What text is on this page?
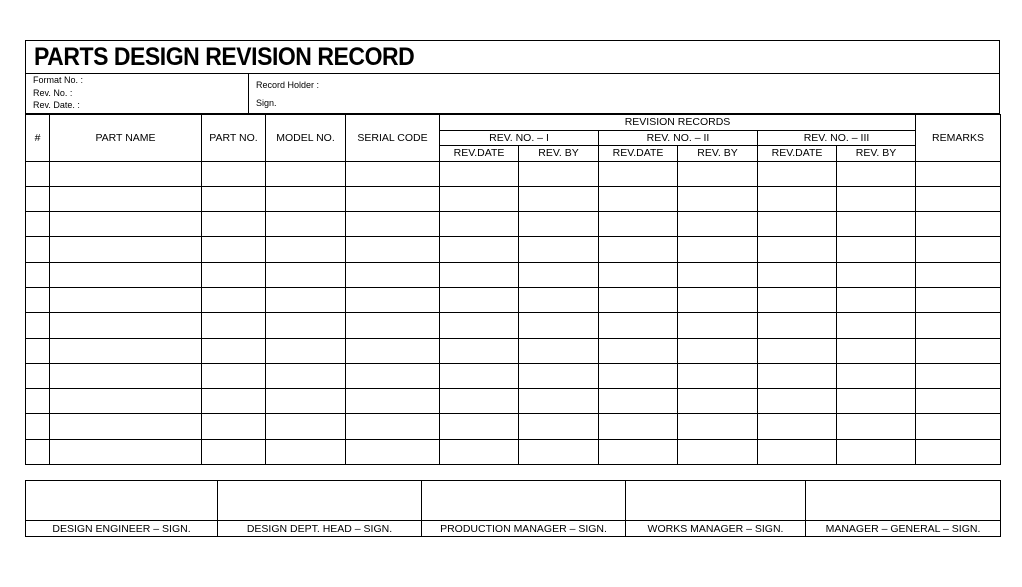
PARTS DESIGN REVISION RECORD
Format No. :
Rev. No. :
Rev. Date. :
Record Holder :
Sign.
#	PART NAME	PART NO.	MODEL NO.	SERIAL CODE	REVISION RECORDS						REMARKS
					REV. NO. – I		REV. NO. – II		REV. NO. – III		
					REV.DATE	REV. BY	REV.DATE	REV. BY	REV.DATE	REV. BY	

DESIGN ENGINEER – SIGN.	DESIGN DEPT. HEAD – SIGN.	PRODUCTION MANAGER – SIGN.	WORKS MANAGER – SIGN.	MANAGER – GENERAL – SIGN.
